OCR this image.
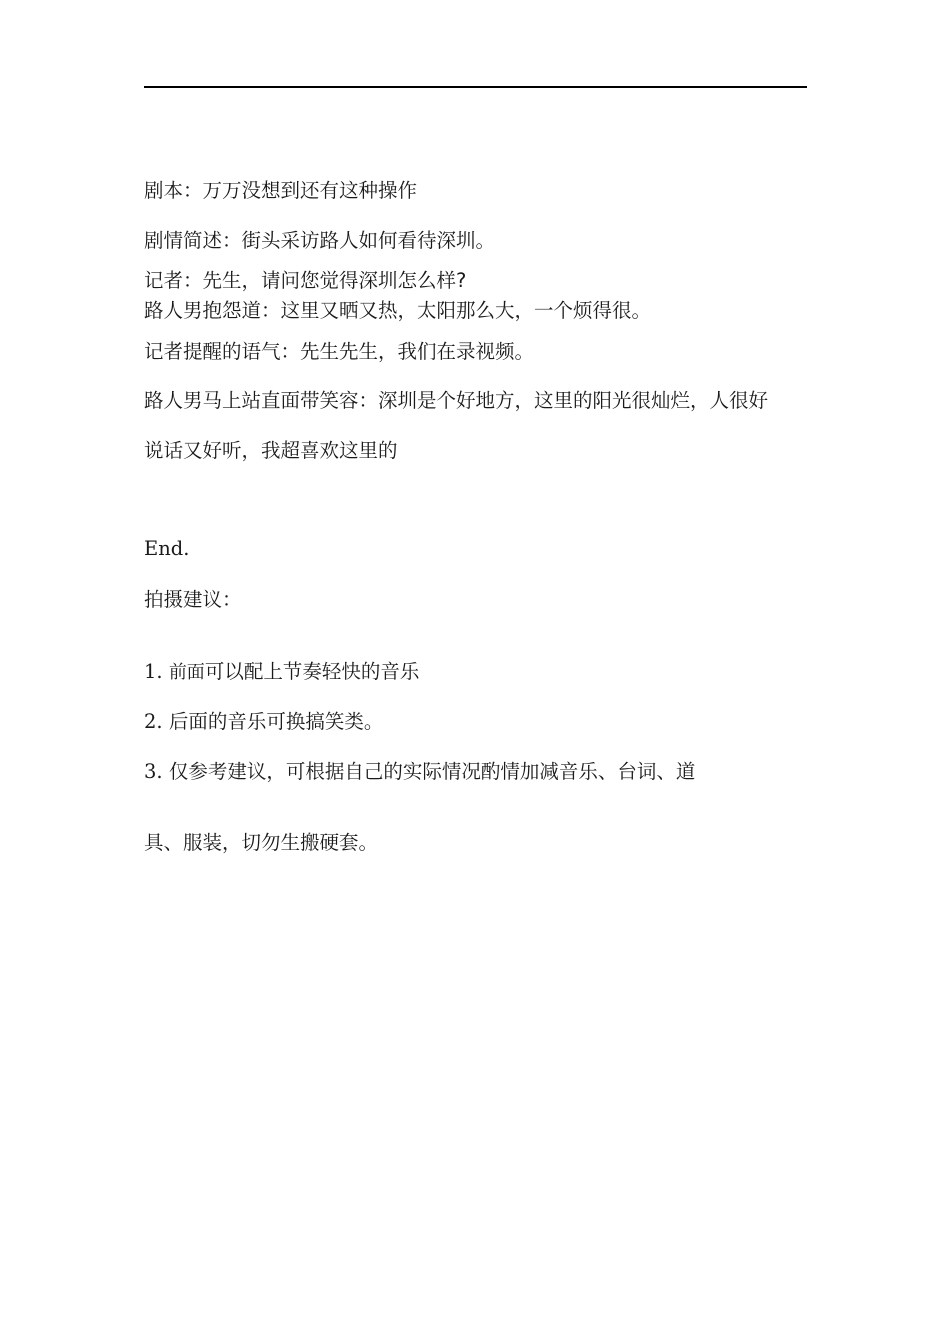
剧本：万万没想到还有这种操作
剧情简述：街头采访路人如何看待深圳。
记者：先生，请问您觉得深圳怎么样?
路人男抱怨道：这里又晒又热，太阳那么大，一个烦得很。
记者提醒的语气：先生先生，我们在录视频。
路人男马上站直面带笑容：深圳是个好地方，这里的阳光很灿烂，人很好
说话又好听，我超喜欢这里的
End.
拍摄建议：
1. 前面可以配上节奏轻快的音乐
2. 后面的音乐可换搞笑类。
3. 仅参考建议，可根据自己的实际情况酌情加减音乐、台词、道
具、服装，切勿生搬硬套。
